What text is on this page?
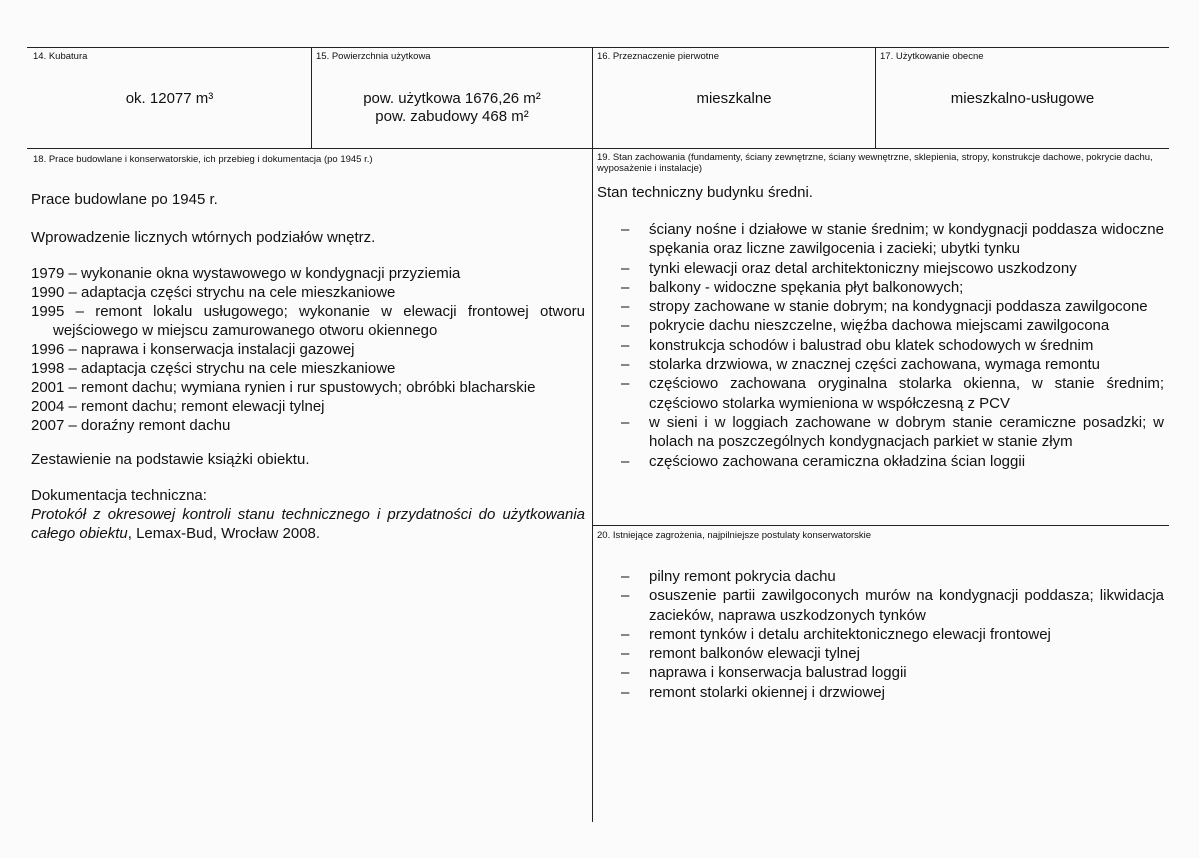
14. Kubatura
ok. 12077 m³
15. Powierzchnia użytkowa
pow. użytkowa 1676,26 m²
pow. zabudowy 468 m²
16. Przeznaczenie pierwotne
mieszkalne
17. Użytkowanie obecne
mieszkalno-usługowe
18. Prace budowlane i konserwatorskie, ich przebieg i dokumentacja (po 1945 r.)
Prace budowlane po 1945 r.
Wprowadzenie licznych wtórnych podziałów wnętrz.
1979 – wykonanie okna wystawowego w kondygnacji przyziemia
1990 – adaptacja części strychu na cele mieszkaniowe
1995 – remont lokalu usługowego; wykonanie w elewacji frontowej otworu wejściowego w miejscu zamurowanego otworu okiennego
1996 – naprawa i konserwacja instalacji gazowej
1998 – adaptacja części strychu na cele mieszkaniowe
2001 – remont dachu; wymiana rynien i rur spustowych; obróbki blacharskie
2004 – remont dachu; remont elewacji tylnej
2007 – doraźny remont dachu
Zestawienie na podstawie książki obiektu.
Dokumentacja techniczna:
Protokół z okresowej kontroli stanu technicznego i przydatności do użytkowania całego obiektu, Lemax-Bud, Wrocław 2008.
19. Stan zachowania (fundamenty, ściany zewnętrzne, ściany wewnętrzne, sklepienia, stropy, konstrukcje dachowe, pokrycie dachu, wyposażenie i instalacje)
Stan techniczny budynku średni.
– ściany nośne i działowe w stanie średnim; w kondygnacji poddasza widoczne spękania oraz liczne zawilgocenia i zacieki; ubytki tynku
– tynki elewacji oraz detal architektoniczny miejscowo uszkodzony
– balkony - widoczne spękania płyt balkonowych;
– stropy zachowane w stanie dobrym; na kondygnacji poddasza zawilgocone
– pokrycie dachu nieszczelne, więźba dachowa miejscami zawilgocona
– konstrukcja schodów i balustrad obu klatek schodowych w średnim
– stolarka drzwiowa, w znacznej części zachowana, wymaga remontu
– częściowo zachowana oryginalna stolarka okienna, w stanie średnim; częściowo stolarka wymieniona w współczesną z PCV
– w sieni i w loggiach zachowane w dobrym stanie ceramiczne posadzki; w holach na poszczególnych kondygnacjach parkiet w stanie złym
– częściowo zachowana ceramiczna okładzina ścian loggii
20. Istniejące zagrożenia, najpilniejsze postulaty konserwatorskie
– pilny remont pokrycia dachu
– osuszenie partii zawilgoconych murów na kondygnacji poddasza; likwidacja zacieków, naprawa uszkodzonych tynków
– remont tynków i detalu architektonicznego elewacji frontowej
– remont balkonów elewacji tylnej
– naprawa i konserwacja balustrad loggii
– remont stolarki okiennej i drzwiowej
